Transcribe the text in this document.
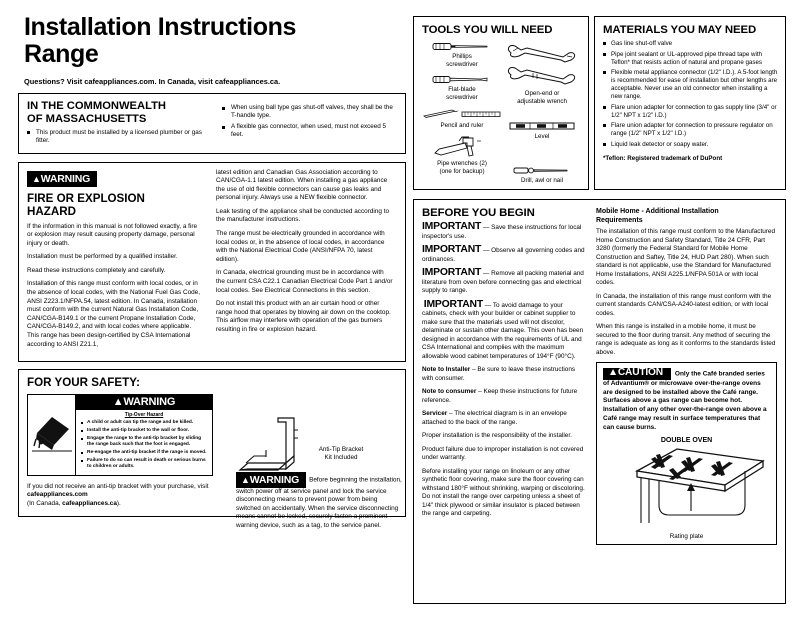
Installation Instructions
Range
Questions? Visit cafeappliances.com. In Canada, visit cafeappliances.ca.
IN THE COMMONWEALTH
OF MASSACHUSETTS
This product must be installed by a licensed plumber or gas fitter.
When using ball type gas shut-off valves, they shall be the T-handle type.
A flexible gas connector, when used, must not exceed 5 feet.
▲WARNING
FIRE OR EXPLOSION
HAZARD

If the information in this manual is not followed exactly, a fire or explosion may result causing property damage, personal injury or death.

Installation must be performed by a qualified installer.

Read these instructions completely and carefully.

Installation of this range must conform with local codes, or in the absence of local codes, with the National Fuel Gas Code, ANSI Z223.1/NFPA.54, latest edition. In Canada, installation must conform with the current Natural Gas Installation Code, CAN/CGA-B149.1 or the current Propane Installation Code, CAN/CGA-B149.2, and with local codes where applicable. This range has been design-certified by CSA International according to ANSI Z21.1,

latest edition and Canadian Gas Association according to CAN/CGA-1.1 latest edition. When installing a gas appliance the use of old flexible connectors can cause gas leaks and personal injury. Always use a NEW flexible connector.

Leak testing of the appliance shall be conducted according to the manufacturer instructions.

The range must be electrically grounded in accordance with local codes or, in the absence of local codes, in accordance with the National Electrical Code (ANSI/NFPA 70, latest edition).

In Canada, electrical grounding must be in accordance with the current CSA C22.1 Canadian Electrical Code Part 1 and/or local codes. See Electrical Connections in this section.

Do not install this product with an air curtain hood or other range hood that operates by blowing air down on the cooktop. This airflow may interfere with operation of the gas burners resulting in fire or explosion hazard.

FOR YOUR SAFETY:
▲WARNING
Tip-Over Hazard
A child or adult can tip the range and be killed.
Install the anti-tip bracket to the wall or floor.
Engage the range to the anti-tip bracket by sliding the range back such that the foot is engaged.
Re-engage the anti-tip bracket if the range is moved.
Failure to do so can result in death or serious burns to children or adults.
If you did not receive an anti-tip bracket with your purchase, visit cafeappliances.com
(In Canada, cafeappliances.ca).
Anti-Tip Bracket
Kit Included

▲WARNING Before beginning the installation, switch power off at service panel and lock the service disconnecting means to prevent power from being switched on accidentally. When the service disconnecting means cannot be locked, securely fasten a prominent warning device, such as a tag, to the service panel.

TOOLS YOU WILL NEED
Phillips
screwdriver
Flat-blade
screwdriver
Pencil and ruler
Pipe wrenches (2)
(one for backup)
Open-end or
adjustable wrench
Level
Drill, awl or nail
MATERIALS YOU MAY NEED
Gas line shut-off valve
Pipe joint sealant or UL-approved pipe thread tape with Teflon* that resists action of natural and propane gases
Flexible metal appliance connector (1/2" I.D.). A 5-foot length is recommended for ease of installation but other lengths are acceptable. Never use an old connector when installing a new range.
Flare union adapter for connection to gas supply line (3/4" or 1/2" NPT x 1/2" I.D.)
Flare union adapter for connection to pressure regulator on range (1/2" NPT x 1/2" I.D.)
Liquid leak detector or soapy water.
*Teflon: Registered trademark of DuPont
BEFORE YOU BEGIN

IMPORTANT — Save these instructions for local inspector's use.

IMPORTANT — Observe all governing codes and ordinances.

IMPORTANT — Remove all packing material and literature from oven before connecting gas and electrical supply to range.

IMPORTANT — To avoid damage to your cabinets, check with your builder or cabinet supplier to make sure that the materials used will not discolor, delaminate or sustain other damage. This oven has been designed in accordance with the requirements of UL and CSA International and complies with the maximum allowable wood cabinet temperatures of 194°F (90°C).

Note to Installer – Be sure to leave these instructions with consumer.

Note to consumer – Keep these instructions for future reference.

Servicer – The electrical diagram is in an envelope attached to the back of the range.

Proper installation is the responsibility of the installer.

Product failure due to improper installation is not covered under warranty.

Before installing your range on linoleum or any other synthetic floor covering, make sure the floor covering can withstand 180°F without shrinking, warping or discoloring. Do not install the range over carpeting unless a sheet of 1/4" thick plywood or similar insulator is placed between the range and carpeting.

Mobile Home - Additional Installation
Requirements

The installation of this range must conform to the Manufactured Home Construction and Safety Standard, Title 24 CFR, Part 3280 (formerly the Federal Standard for Mobile Home Construction and Saftey, Title 24, HUD Part 280). When such standard is not applicable, use the Standard for Manufactured Home Installations, ANSI A225.1/NFPA 501A or with local codes.

In Canada, the installation of this range must conform with the current standards CAN/CSA-A240-latest edition, or with local codes.

When this range is installed in a mobile home, it must be secured to the floor during transit. Any method of securing the range is adequate as long as it conforms to the standards listed above.

▲CAUTION Only the Café branded series of Advantium® or microwave over-the-range ovens are designed to be installed above the Café range. Surfaces above a gas range can become hot. Installation of any other over-the-range oven above a Café range may result in surface temperatures that can cause burns.

DOUBLE OVEN
Rating plate
